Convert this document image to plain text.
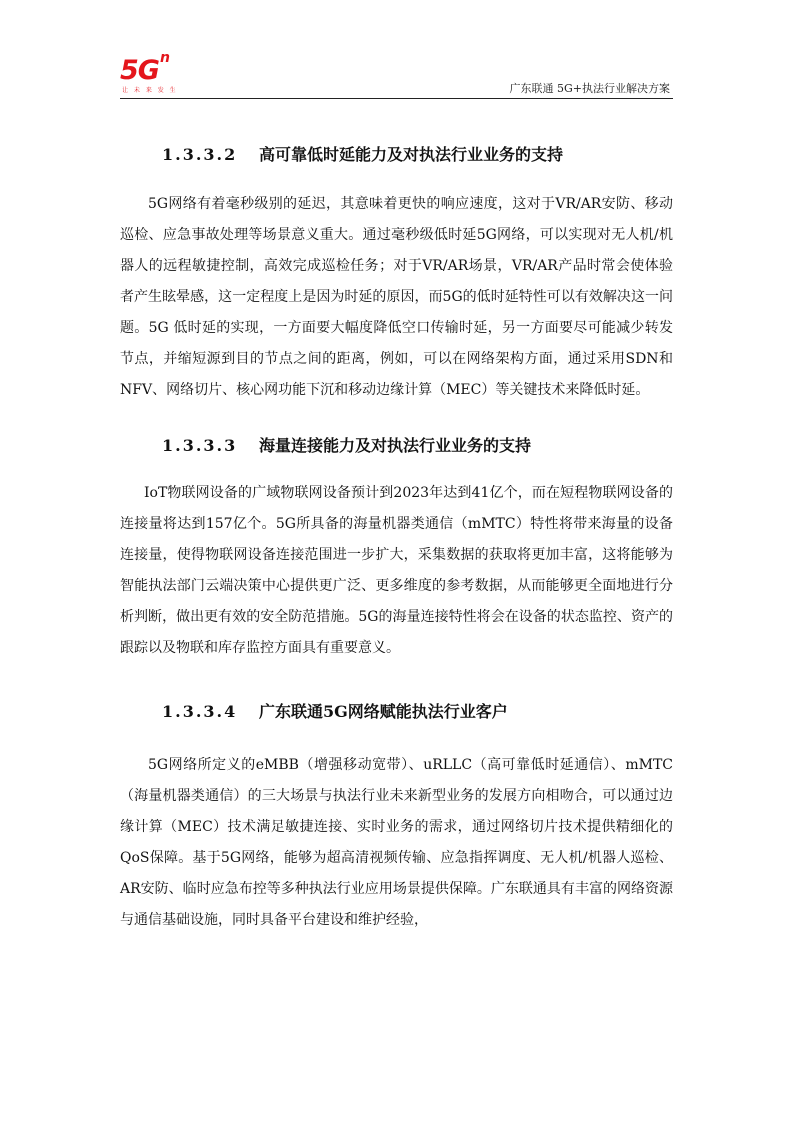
5G n
让 未 来 发 生	广东联通 5G+执法行业解决方案
1.3.3.2 高可靠低时延能力及对执法行业业务的支持

5G网络有着毫秒级别的延迟，其意味着更快的响应速度，这对于VR/AR安防、移动巡检、应急事故处理等场景意义重大。通过毫秒级低时延5G网络，可以实现对无人机/机器人的远程敏捷控制，高效完成巡检任务；对于VR/AR场景，VR/AR产品时常会使体验者产生眩晕感，这一定程度上是因为时延的原因，而5G的低时延特性可以有效解决这一问题。5G 低时延的实现，一方面要大幅度降低空口传输时延，另一方面要尽可能减少转发节点，并缩短源到目的节点之间的距离，例如，可以在网络架构方面，通过采用SDN和NFV、网络切片、核心网功能下沉和移动边缘计算（MEC）等关键技术来降低时延。

1.3.3.3 海量连接能力及对执法行业业务的支持

IoT物联网设备的广域物联网设备预计到2023年达到41亿个，而在短程物联网设备的连接量将达到157亿个。5G所具备的海量机器类通信（mMTC）特性将带来海量的设备连接量，使得物联网设备连接范围进一步扩大，采集数据的获取将更加丰富，这将能够为智能执法部门云端决策中心提供更广泛、更多维度的参考数据，从而能够更全面地进行分析判断，做出更有效的安全防范措施。5G的海量连接特性将会在设备的状态监控、资产的跟踪以及物联和库存监控方面具有重要意义。

1.3.3.4 广东联通5G网络赋能执法行业客户

5G网络所定义的eMBB（增强移动宽带）、uRLLC（高可靠低时延通信）、mMTC（海量机器类通信）的三大场景与执法行业未来新型业务的发展方向相吻合，可以通过边缘计算（MEC）技术满足敏捷连接、实时业务的需求，通过网络切片技术提供精细化的QoS保障。基于5G网络，能够为超高清视频传输、应急指挥调度、无人机/机器人巡检、AR安防、临时应急布控等多种执法行业应用场景提供保障。广东联通具有丰富的网络资源与通信基础设施，同时具备平台建设和维护经验，
